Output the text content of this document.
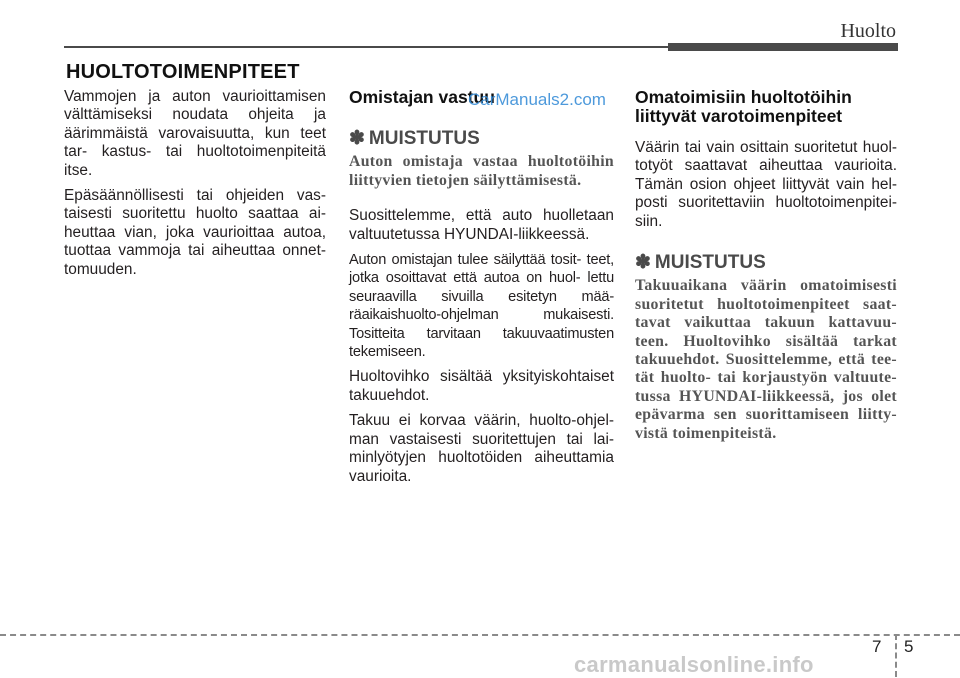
Huolto
HUOLTOTOIMENPITEET

Vammojen ja auton vaurioittamisen välttämiseksi noudata ohjeita ja äärimmäistä varovaisuutta, kun teet tar- kastus- tai huoltotoimenpiteitä itse.

Epäsäännöllisesti tai ohjeiden vas- taisesti suoritettu huolto saattaa ai- heuttaa vian, joka vaurioittaa autoa, tuottaa vammoja tai aiheuttaa onnet- tomuuden.

Omistajan vastuu
✽ MUISTUTUS
Auton omistaja vastaa huoltotöihin liittyvien tietojen säilyttämisestä.

Suosittelemme, että auto huolletaan valtuutetussa HYUNDAI-liikkeessä.

Auton omistajan tulee säilyttää tosit- teet, jotka osoittavat että autoa on huol- lettu seuraavilla sivuilla esitetyn mää- räaikaishuolto-ohjelman mukaisesti. Tositteita tarvitaan takuuvaatimusten tekemiseen.

Huoltovihko sisältää yksityiskohtaiset takuuehdot.

Takuu ei korvaa väärin, huolto-ohjel- man vastaisesti suoritettujen tai lai- minlyötyjen huoltotöiden aiheuttamia vaurioita.

Omatoimisiin huoltotöihin liittyvät varotoimenpiteet

Väärin tai vain osittain suoritetut huol- totyöt saattavat aiheuttaa vaurioita. Tämän osion ohjeet liittyvät vain hel- posti suoritettaviin huoltotoimenpitei- siin.

✽ MUISTUTUS
Takuuaikana väärin omatoimisesti suoritetut huoltotoimenpiteet saat- tavat vaikuttaa takuun kattavuu- teen. Huoltovihko sisältää tarkat takuuehdot. Suosittelemme, että tee- tät huolto- tai korjaustyön valtuute- tussa HYUNDAI-liikkeessä, jos olet epävarma sen suorittamiseen liitty- vistä toimenpiteistä.
CarManuals2.com
7 5
carmanualsonline.info
